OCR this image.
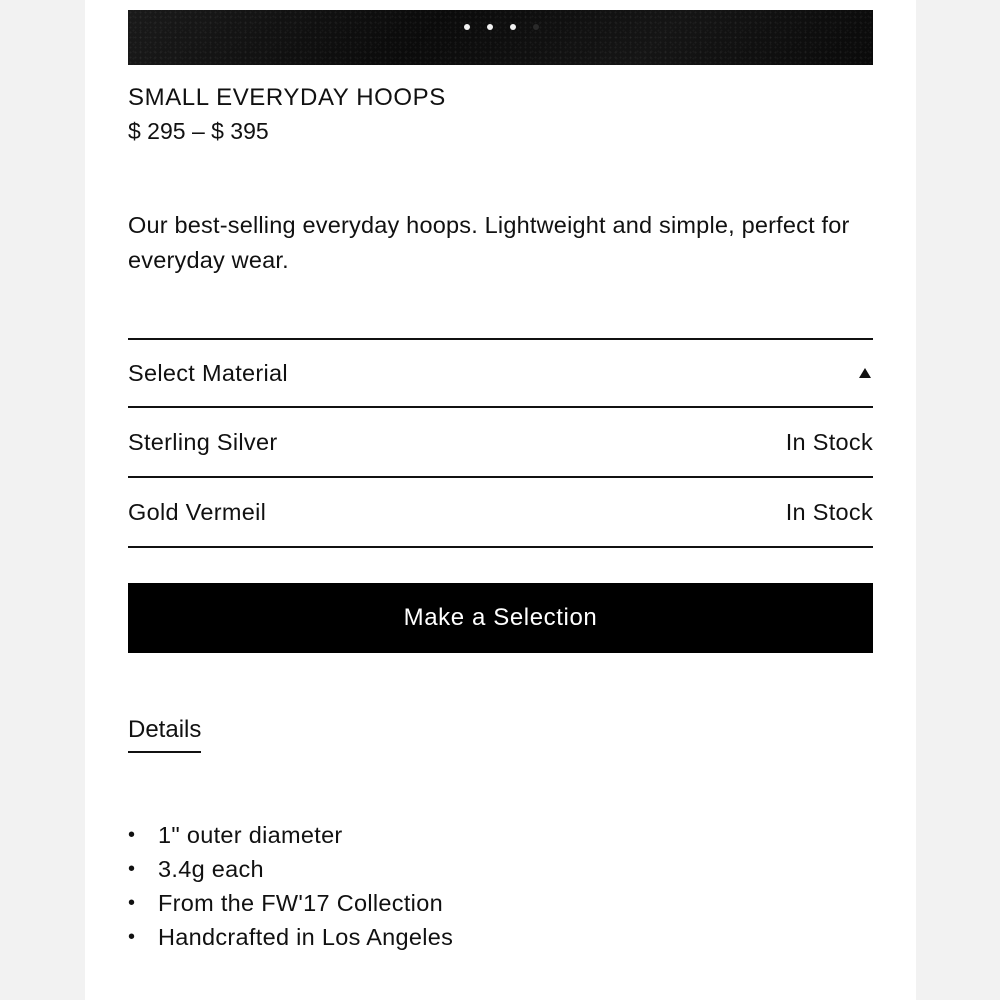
SMALL EVERYDAY HOOPS
$ 295 – $ 395

Our best-selling everyday hoops. Lightweight and simple, perfect for everyday wear.

Select Material
Sterling Silver	In Stock
Gold Vermeil	In Stock
Make a Selection
Details
• 1" outer diameter
• 3.4g each
• From the FW'17 Collection
• Handcrafted in Los Angeles
